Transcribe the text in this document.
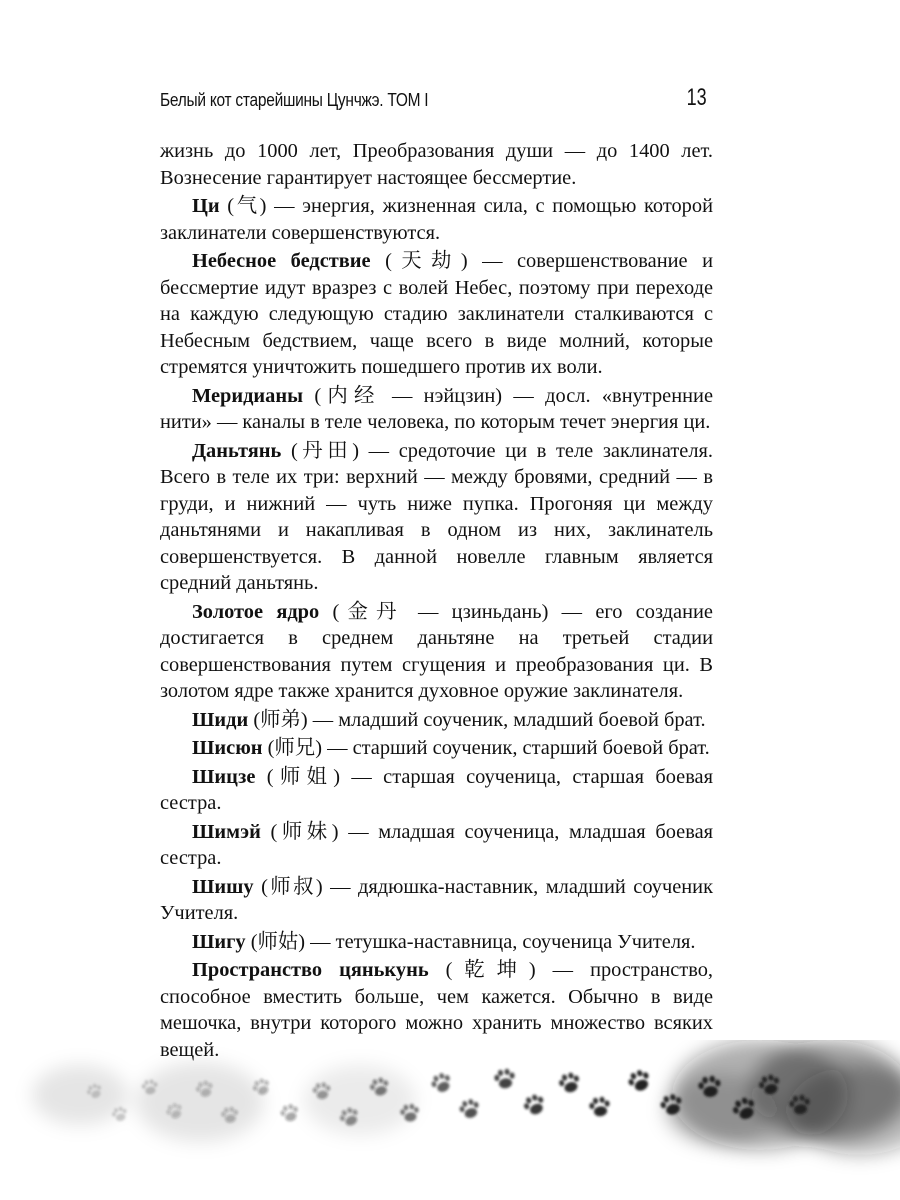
Белый кот старейшины Цунчжэ. ТОМ I	13

жизнь до 1000 лет, Преобразования души — до 1400 лет. Вознесение гарантирует настоящее бессмертие.

Ци (气) — энергия, жизненная сила, с помощью которой заклинатели совершенствуются.

Небесное бедствие (天劫) — совершенствование и бессмертие идут вразрез с волей Небес, поэтому при переходе на каждую следующую стадию заклинатели сталкиваются с Небесным бедствием, чаще всего в виде молний, которые стремятся уничтожить пошедшего против их воли.

Меридианы (内经 — нэйцзин) — досл. «внутренние нити» — каналы в теле человека, по которым течет энергия ци.

Даньтянь (丹田) — средоточие ци в теле заклинателя. Всего в теле их три: верхний — между бровями, средний — в груди, и нижний — чуть ниже пупка. Прогоняя ци между даньтянями и накапливая в одном из них, заклинатель совершенствуется. В данной новелле главным является средний даньтянь.

Золотое ядро (金丹 — цзиньдань) — его создание достигается в среднем даньтяне на третьей стадии совершенствования путем сгущения и преобразования ци. В золотом ядре также хранится духовное оружие заклинателя.

Шиди (师弟) — младший соученик, младший боевой брат.

Шисюн (师兄) — старший соученик, старший боевой брат.

Шицзе (师姐) — старшая соученица, старшая боевая сестра.

Шимэй (师妹) — младшая соученица, младшая боевая сестра.

Шишу (师叔) — дядюшка-наставник, младший соученик Учителя.

Шигу (师姑) — тетушка-наставница, соученица Учителя.

Пространство цянькунь (乾坤) — пространство, способное вместить больше, чем кажется. Обычно в виде мешочка, внутри которого можно хранить множество всяких вещей.
